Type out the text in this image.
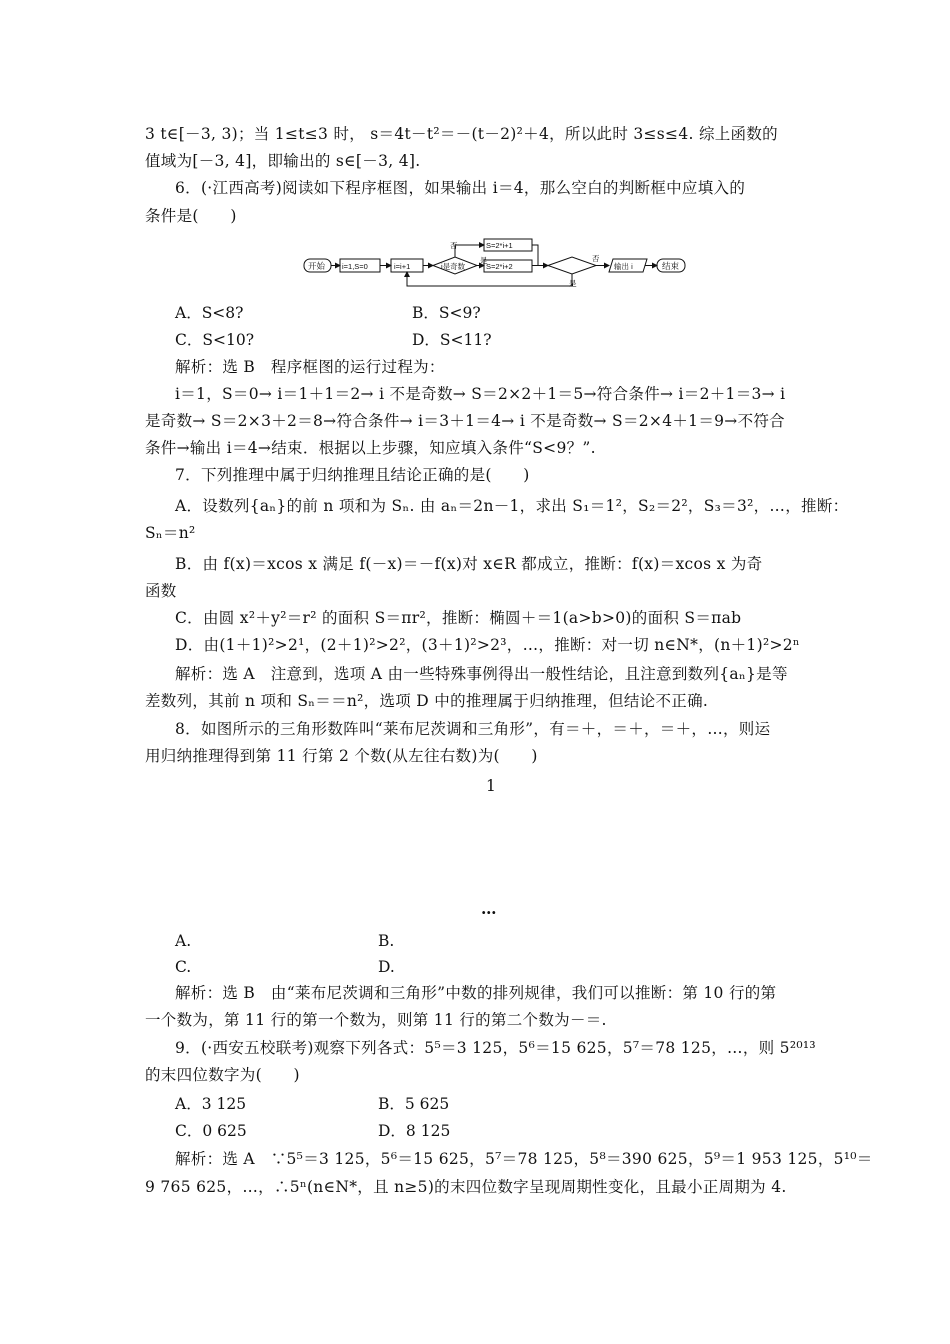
3 t∈[－3, 3)；当 1≤t≤3 时， s＝4t－t²＝－(t－2)²＋4，所以此时 3≤s≤4. 综上函数的
值域为[－3, 4]，即输出的 s∈[－3, 4].
6．(·江西高考)阅读如下程序框图，如果输出 i＝4，那么空白的判断框中应填入的
条件是(　　)
开始 i=1,S=0	i=i+1	i是奇数
否	S=2*i+1
是
S=2*i+2
否
是
输出 i	结束
A．S<8?	B．S<9?
C．S<10?	D．S<11?
解析：选 B　程序框图的运行过程为：
i＝1，S＝0→ i＝1＋1＝2→ i 不是奇数→ S＝2×2＋1＝5→符合条件→ i＝2＋1＝3→ i
是奇数→ S＝2×3＋2＝8→符合条件→ i＝3＋1＝4→ i 不是奇数→ S＝2×4＋1＝9→不符合
条件→输出 i＝4→结束．根据以上步骤，知应填入条件“S<9？”.
7．下列推理中属于归纳推理且结论正确的是(　　)
A．设数列{aₙ}的前 n 项和为 Sₙ. 由 aₙ＝2n－1，求出 S₁＝1²，S₂＝2²，S₃＝3²，…，推断：
Sₙ＝n²
B．由 f(x)＝xcos x 满足 f(－x)＝－f(x)对 x∈R 都成立，推断：f(x)＝xcos x 为奇
函数
C．由圆 x²＋y²＝r² 的面积 S＝πr²，推断：椭圆＋＝1(a>b>0)的面积 S＝πab
D．由(1＋1)²>2¹，(2＋1)²>2²，(3＋1)²>2³，…，推断：对一切 n∈N*，(n＋1)²>2ⁿ
解析：选 A　注意到，选项 A 由一些特殊事例得出一般性结论，且注意到数列{aₙ}是等
差数列，其前 n 项和 Sₙ＝＝n²，选项 D 中的推理属于归纳推理，但结论不正确.
8．如图所示的三角形数阵叫“莱布尼茨调和三角形”，有＝＋，＝＋，＝＋，…，则运
用归纳推理得到第 11 行第 2 个数(从左往右数)为(　　)
1
…
A.	B.
C.	D.
解析：选 B　由“莱布尼茨调和三角形”中数的排列规律，我们可以推断：第 10 行的第
一个数为，第 11 行的第一个数为，则第 11 行的第二个数为－＝.
9．(·西安五校联考)观察下列各式：5⁵＝3 125，5⁶＝15 625，5⁷＝78 125，…，则 5²⁰¹³
的末四位数字为(　　)
A．3 125	B．5 625
C．0 625	D．8 125
解析：选 A　∵5⁵＝3 125，5⁶＝15 625，5⁷＝78 125，5⁸＝390 625，5⁹＝1 953 125，5¹⁰＝
9 765 625，…，∴5ⁿ(n∈N*，且 n≥5)的末四位数字呈现周期性变化，且最小正周期为 4.
